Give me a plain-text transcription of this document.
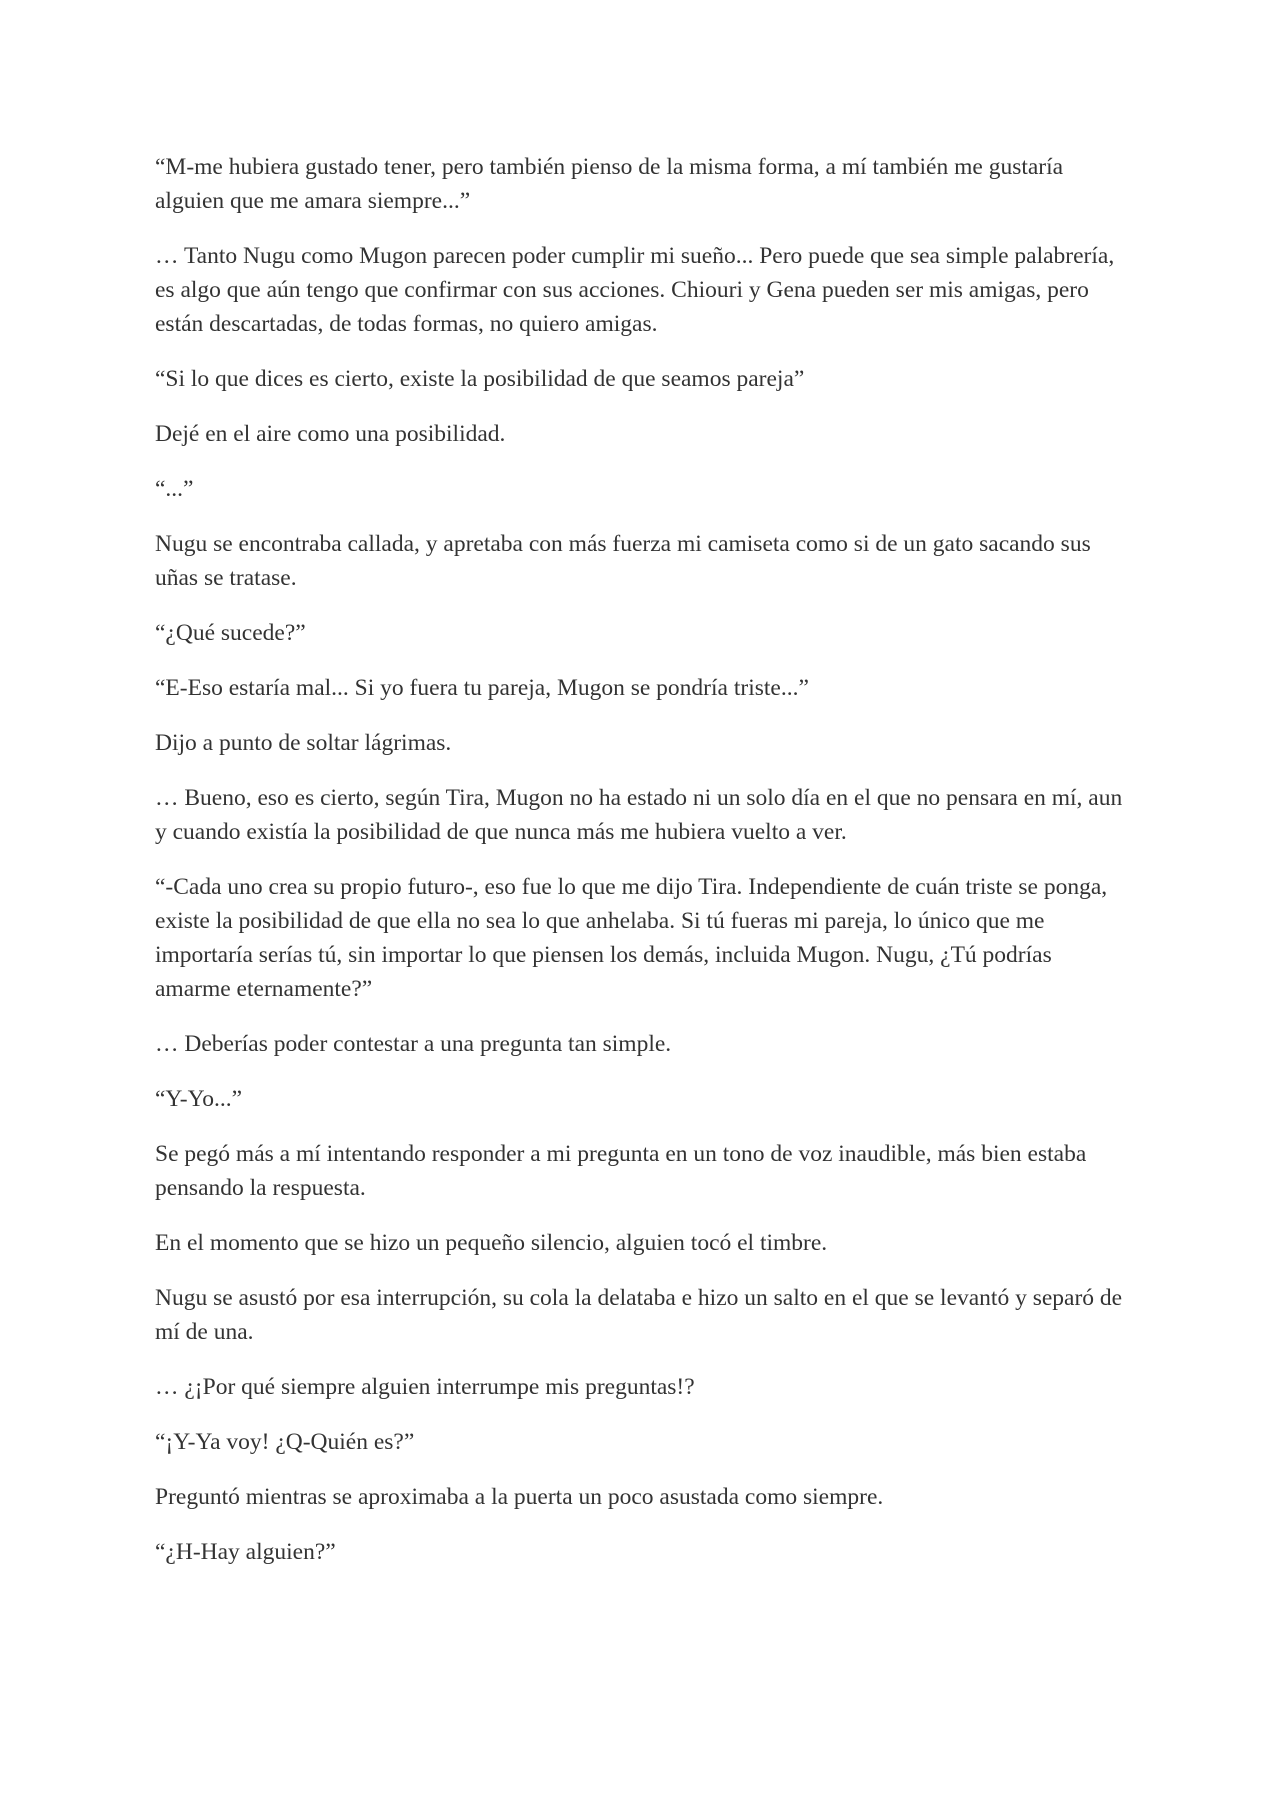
“M-me hubiera gustado tener, pero también pienso de la misma forma, a mí también me gustaría alguien que me amara siempre...”

… Tanto Nugu como Mugon parecen poder cumplir mi sueño... Pero puede que sea simple palabrería, es algo que aún tengo que confirmar con sus acciones. Chiouri y Gena pueden ser mis amigas, pero están descartadas, de todas formas, no quiero amigas.

“Si lo que dices es cierto, existe la posibilidad de que seamos pareja”

Dejé en el aire como una posibilidad.

“...”

Nugu se encontraba callada, y apretaba con más fuerza mi camiseta como si de un gato sacando sus uñas se tratase.

“¿Qué sucede?”

“E-Eso estaría mal... Si yo fuera tu pareja, Mugon se pondría triste...”

Dijo a punto de soltar lágrimas.

… Bueno, eso es cierto, según Tira, Mugon no ha estado ni un solo día en el que no pensara en mí, aun y cuando existía la posibilidad de que nunca más me hubiera vuelto a ver.

“-Cada uno crea su propio futuro-, eso fue lo que me dijo Tira. Independiente de cuán triste se ponga, existe la posibilidad de que ella no sea lo que anhelaba. Si tú fueras mi pareja, lo único que me importaría serías tú, sin importar lo que piensen los demás, incluida Mugon. Nugu, ¿Tú podrías amarme eternamente?”

… Deberías poder contestar a una pregunta tan simple.

“Y-Yo...”

Se pegó más a mí intentando responder a mi pregunta en un tono de voz inaudible, más bien estaba pensando la respuesta.

En el momento que se hizo un pequeño silencio, alguien tocó el timbre.

Nugu se asustó por esa interrupción, su cola la delataba e hizo un salto en el que se levantó y separó de mí de una.

… ¿¡Por qué siempre alguien interrumpe mis preguntas!?

“¡Y-Ya voy! ¿Q-Quién es?”

Preguntó mientras se aproximaba a la puerta un poco asustada como siempre.

“¿H-Hay alguien?”
